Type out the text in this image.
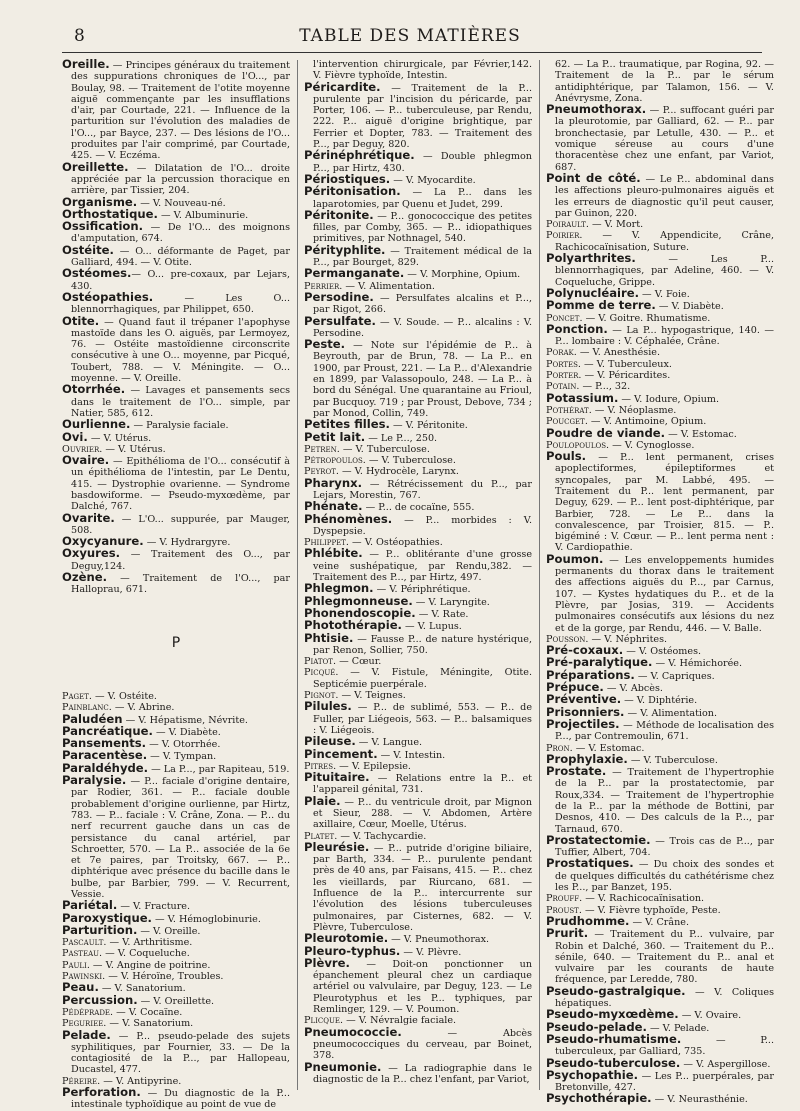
8	TABLE DES MATIÈRES

Oreille. — Principes généraux du traitement des suppurations chroniques de l'O..., par Boulay, 98. — Traitement de l'otite moyenne aiguë commençante par les insufflations d'air, par Courtade, 221. — Influence de la parturition sur l'évolution des maladies de l'O..., par Bayce, 237. — Des lésions de l'O... produites par l'air comprimé, par Courtade, 425. — V. Eczéma.

Oreillette. — Dilatation de l'O... droite appréciée par la percussion thoracique en arrière, par Tissier, 204.

Organisme. — V. Nouveau-né.

Orthostatique. — V. Albuminurie.

Ossification. — De l'O... des moignons d'amputation, 674.

Ostéite. — O... déformante de Paget, par Galliard, 494. — V. Otite.

Ostéomes.— O... pre-coxaux, par Lejars, 430.

Ostéopathies. — Les O... blennorrhagiques, par Philippet, 650.

Otite. — Quand faut il trépaner l'apophyse mastoïde dans les O. aiguës, par Lermoyez, 76. — Ostéite mastoïdienne circonscrite consécutive à une O... moyenne, par Picqué, Toubert, 788. — V. Méningite. — O... moyenne. — V. Oreille.

Otorrhée. — Lavages et pansements secs dans le traitement de l'O... simple, par Natier, 585, 612.

Ourlienne. — Paralysie faciale.

Ovi. — V. Utérus.

Ouvrier. — V. Utérus.

Ovaire. — Epithélioma de l'O... consécutif à un épithélioma de l'intestin, par Le Dentu, 415. — Dystrophie ovarienne. — Syndrome basdowiforme. — Pseudo-myxœdème, par Dalché, 767.

Ovarite. — L'O... suppurée, par Mauger, 508.

Oxycyanure. — V. Hydrargyre.

Oxyures. — Traitement des O..., par Deguy,124.

Ozène. — Traitement de l'O..., par Halloprau, 671.

P

Paget. — V. Ostéite.

Painblanc. — V. Abrine.

Paludéen — V. Hépatisme, Névrite.

Pancréatique. — V. Diabète.

Pansements. — V. Otorrhée.

Paracentèse. — V. Tympan.

Paraldéhyde. — La P..., par Rapiteau, 519.

Paralysie. — P... faciale d'origine dentaire, par Rodier, 361. — P... faciale double probablement d'origine ourlienne, par Hirtz, 783. — P... faciale : V. Crâne, Zona. — P... du nerf recurrent gauche dans un cas de persistance du canal artériel, par Schroetter, 570. — La P... associée de la 6e et 7e paires, par Troitsky, 667. — P... diphtérique avec présence du bacille dans le bulbe, par Barbier, 799. — V. Recurrent, Vessie.

Pariétal. — V. Fracture.

Paroxystique. — V. Hémoglobinurie.

Parturition. — V. Oreille.

Pascault. — V. Arthritisme.

Pasteau. — V. Coqueluche.

Pauli. — V. Angine de poitrine.

Pawinski. — V. Héroïne, Troubles.

Peau. — V. Sanatorium.

Percussion. — V. Oreillette.

Pédéprade. — V. Cocaïne.

Peguriee. — V. Sanatorium.

Pelade. — P... pseudo-pelade des sujets syphilitiques, par Fournier, 33. — De la contagiosité de la P..., par Hallopeau, Ducastel, 477.

Péreire. — V. Antipyrine.

Perforation. — Du diagnostic de la P... intestinale typhoïdique au point de vue de

l'intervention chirurgicale, par Février,142. V. Fièvre typhoïde, Intestin.

Péricardite. — Traitement de la P... purulente par l'incision du péricarde, par Porter, 106. — P... tuberculeuse, par Rendu, 222. P... aiguë d'origine brightique, par Ferrier et Dopter, 783. — Traitement des P..., par Deguy, 820.

Périnéphrétique. — Double phlegmon P..., par Hirtz, 430.

Périostiques. — V. Myocardite.

Péritonisation. — La P... dans les laparotomies, par Quenu et Judet, 299.

Péritonite. — P... gonococcique des petites filles, par Comby, 365. — P... idiopathiques primitives, par Nothnagel, 540.

Pérityphlite. — Traitement médical de la P..., par Bourget, 829.

Permanganate. — V. Morphine, Opium.

Perrier. — V. Alimentation.

Persodine. — Persulfates alcalins et P..., par Rigot, 266.

Persulfate. — V. Soude. — P... alcalins : V. Persodine.

Peste. — Note sur l'épidémie de P... à Beyrouth, par de Brun, 78. — La P... en 1900, par Proust, 221. — La P... d'Alexandrie en 1899, par Valassopoulo, 248. — La P... à bord du Sénégal. Une quarantaine au Frioul, par Bucquoy. 719 ; par Proust, Debove, 734 ; par Monod, Collin, 749.

Petites filles. — V. Péritonite.

Petit lait. — Le P..., 250.

Petren. — V. Tuberculose.

Pétropoulos. — V. Tuberculose.

Peyrot. — V. Hydrocèle, Larynx.

Pharynx. — Rétrécissement du P..., par Lejars, Morestin, 767.

Phénate. — P... de cocaïne, 555.

Phénomènes. — P... morbides : V. Dyspepsie.

Philippet. — V. Ostéopathies.

Phlébite. — P... oblitérante d'une grosse veine sushépatique, par Rendu,382. — Traitement des P..., par Hirtz, 497.

Phlegmon. — V. Périphrétique.

Phlegmonneuse. — V. Laryngite.

Phonendoscopie. — V. Rate.

Photothérapie. — V. Lupus.

Phtisie. — Fausse P... de nature hystérique, par Renon, Sollier, 750.

Piatot. — Cœur.

Picqué. — V. Fistule, Méningite, Otite. Septicémie puerpérale.

Pignot. — V. Teignes.

Pilules. — P... de sublimé, 553. — P... de Fuller, par Liégeois, 563. — P... balsamiques : V. Liégeois.

Pileuse. — V. Langue.

Pincement. — V. Intestin.

Pitres. — V. Epilepsie.

Pituitaire. — Relations entre la P... et l'appareil génital, 731.

Plaie. — P... du ventricule droit, par Mignon et Sieur, 288. — V. Abdomen, Artère axillaire, Cœur, Moelle, Utérus.

Platet. — V. Tachycardie.

Pleurésie. — P... putride d'origine biliaire, par Barth, 334. — P... purulente pendant près de 40 ans, par Faisans, 415. — P... chez les vieillards, par Riurcano, 681. — Influence de la P... intercurrente sur l'évolution des lésions tuberculeuses pulmonaires, par Cisternes, 682. — V. Plèvre, Tuberculose.

Pleurotomie. — V. Pneumothorax.

Pleuro-typhus. — V. Plèvre.

Plèvre. — Doit-on ponctionner un épanchement pleural chez un cardiaque artériel ou valvulaire, par Deguy, 123. — Le Pleurotyphus et les P... typhiques, par Remlinger, 129. — V. Poumon.

Plicque. — V. Névralgie faciale.

Pneumococcie. — Abcès pneumococciques du cerveau, par Boinet, 378.

Pneumonie. — La radiographie dans le diagnostic de la P... chez l'enfant, par Variot,

62. — La P... traumatique, par Rogina, 92. — Traitement de la P... par le sérum antidiphtérique, par Talamon, 156. — V. Anévrysme, Zona.

Pneumothorax. — P... suffocant guéri par la pleurotomie, par Galliard, 62. — P... par bronchectasie, par Letulle, 430. — P... et vomique séreuse au cours d'une thoracentèse chez une enfant, par Variot, 687.

Point de côté. — Le P... abdominal dans les affections pleuro-pulmonaires aiguës et les erreurs de diagnostic qu'il peut causer, par Guinon, 220.

Poirault. — V. Mort.

Poirier. — V. Appendicite, Crâne, Rachicocaïnisation, Suture.

Polyarthrites. — Les P... blennorrhagiques, par Adeline, 460. — V. Coqueluche, Grippe.

Polynucléaire. — V. Foie.

Pomme de terre. — V. Diabète.

Poncet. — V. Goitre. Rhumatisme.

Ponction. — La P... hypogastrique, 140. — P... lombaire : V. Céphalée, Crâne.

Porak. — V. Anesthésie.

Portes. — V. Tuberculeux.

Porter. — V. Péricardites.

Potain. — P..., 32.

Potassium. — V. Iodure, Opium.

Pothérat. — V. Néoplasme.

Poucget. — V. Antimoine, Opium.

Poudre de viande. — V. Estomac.

Poulopoulos. — V. Cynoglosse.

Pouls. — P... lent permanent, crises apoplectiformes, épileptiformes et syncopales, par M. Labbé, 495. — Traitement du P... lent permanent, par Deguy, 629. — P... lent post-diphtérique, par Barbier, 728. — Le P... dans la convalescence, par Troisier, 815. — P.. bigéminé : V. Cœur. — P... lent perma nent : V. Cardiopathie.

Poumon. — Les enveloppements humides permanents du thorax dans le traitement des affections aiguës du P..., par Carnus, 107. — Kystes hydatiques du P... et de la Plèvre, par Josias, 319. — Accidents pulmonaires consécutifs aux lésions du nez et de la gorge, par Rendu, 446. — V. Balle.

Pousson. — V. Néphrites.

Pré-coxaux. — V. Ostéomes.

Pré-paralytique. — V. Hémichorée.

Préparations. — V. Capriques.

Prépuce. — V. Abcès.

Préventive. — V. Diphtérie.

Prisonniers. — V. Alimentation.

Projectiles. — Méthode de localisation des P..., par Contremoulin, 671.

Pron. — V. Estomac.

Prophylaxie. — V. Tuberculose.

Prostate. — Traitement de l'hypertrophie de la P... par la prostatectomie, par Roux,334. — Traitement de l'hypertrophie de la P... par la méthode de Bottini, par Desnos, 410. — Des calculs de la P..., par Tarnaud, 670.

Prostatectomie. — Trois cas de P..., par Tuffier, Albert, 704.

Prostatiques. — Du choix des sondes et de quelques difficultés du cathétérisme chez les P..., par Banzet, 195.

Prouff. — V. Rachicocaïnisation.

Proust. — V. Fièvre typhoïde, Peste.

Prudhomme. — V. Crâne.

Prurit. — Traitement du P... vulvaire, par Robin et Dalché, 360. — Traitement du P... sénile, 640. — Traitement du P... anal et vulvaire par les courants de haute fréquence, par Leredde, 780.

Pseudo-gastralgique. — V. Coliques hépatiques.

Pseudo-myxœdème. — V. Ovaire.

Pseudo-pelade. — V. Pelade.

Pseudo-rhumatisme. — P... tuberculeux, par Galliard, 735.

Pseudo-tuberculose. — V. Aspergillose.

Psychopathie. — Les P... puerpérales, par Bretonville, 427.

Psychothérapie. — V. Neurasthénie.
